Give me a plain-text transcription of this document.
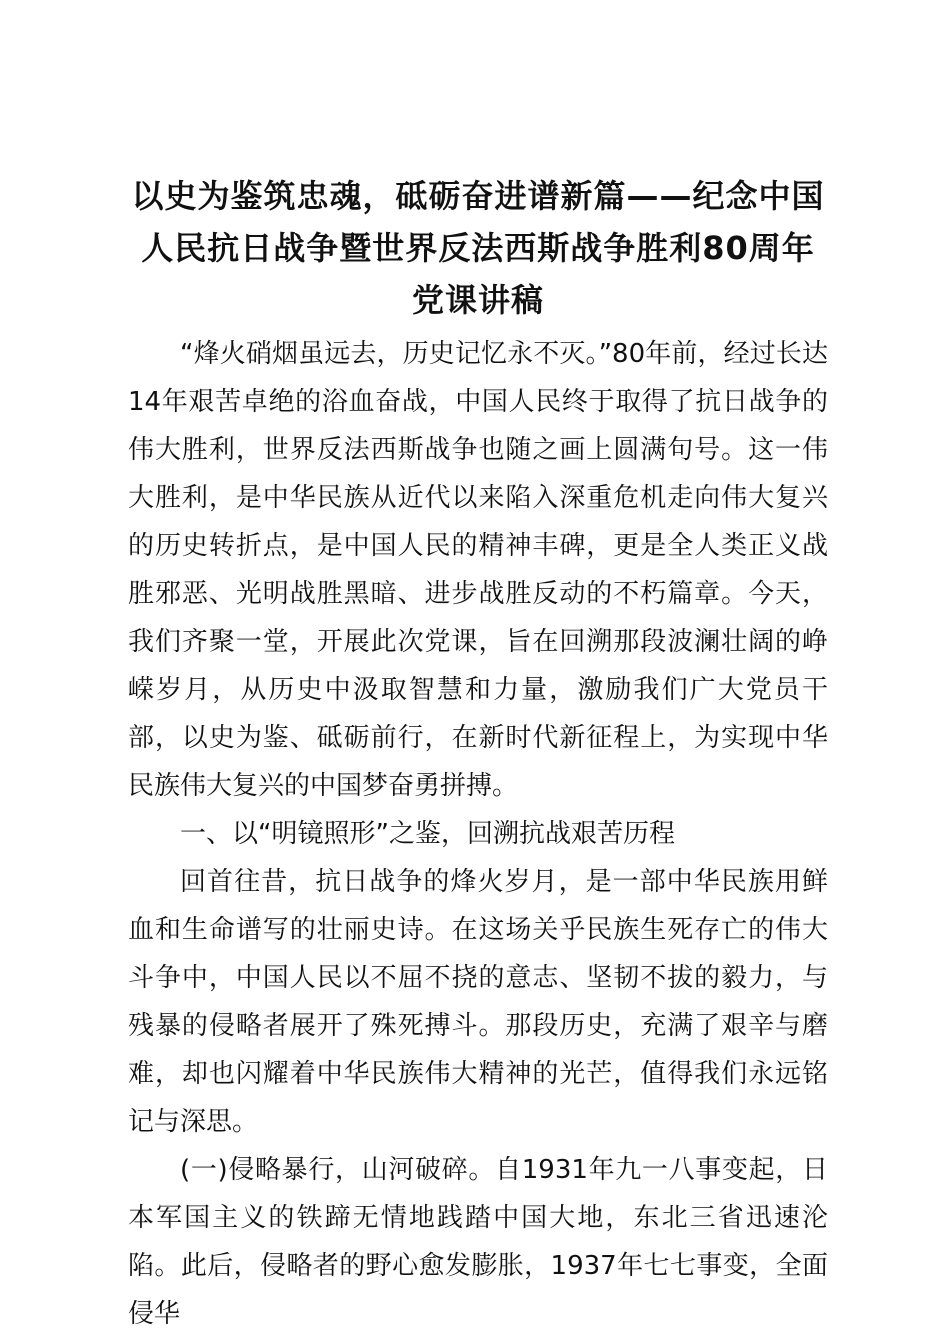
以史为鉴筑忠魂，砥砺奋进谱新篇——纪念中国人民抗日战争暨世界反法西斯战争胜利80周年党课讲稿

“烽火硝烟虽远去，历史记忆永不灭。”80年前，经过长达14年艰苦卓绝的浴血奋战，中国人民终于取得了抗日战争的伟大胜利，世界反法西斯战争也随之画上圆满句号。这一伟大胜利，是中华民族从近代以来陷入深重危机走向伟大复兴的历史转折点，是中国人民的精神丰碑，更是全人类正义战胜邪恶、光明战胜黑暗、进步战胜反动的不朽篇章。今天，我们齐聚一堂，开展此次党课，旨在回溯那段波澜壮阔的峥嵘岁月，从历史中汲取智慧和力量，激励我们广大党员干部，以史为鉴、砥砺前行，在新时代新征程上，为实现中华民族伟大复兴的中国梦奋勇拼搏。

一、以“明镜照形”之鉴，回溯抗战艰苦历程

回首往昔，抗日战争的烽火岁月，是一部中华民族用鲜血和生命谱写的壮丽史诗。在这场关乎民族生死存亡的伟大斗争中，中国人民以不屈不挠的意志、坚韧不拔的毅力，与残暴的侵略者展开了殊死搏斗。那段历史，充满了艰辛与磨难，却也闪耀着中华民族伟大精神的光芒，值得我们永远铭记与深思。

(一)侵略暴行，山河破碎。自1931年九一八事变起，日本军国主义的铁蹄无情地践踏中国大地，东北三省迅速沦陷。此后，侵略者的野心愈发膨胀，1937年七七事变，全面侵华
